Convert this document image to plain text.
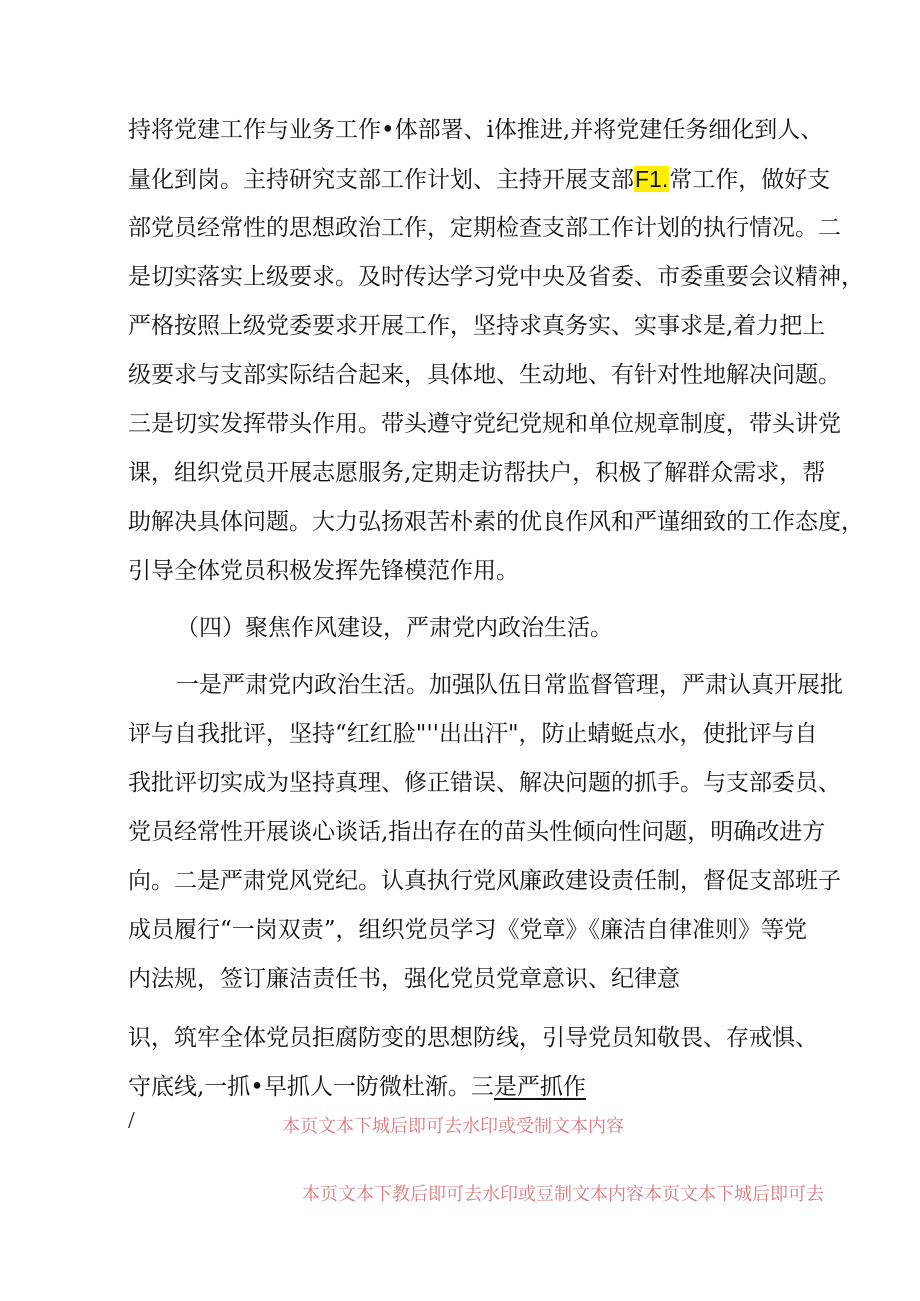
持将党建工作与业务工作•体部署、i体推进,并将党建任务细化到人、
量化到岗。主持研究支部工作计划、主持开展支部F1.常工作，做好支
部党员经常性的思想政治工作，定期检查支部工作计划的执行情况。二
是切实落实上级要求。及时传达学习党中央及省委、市委重要会议精神，
严格按照上级党委要求开展工作，坚持求真务实、实事求是,着力把上
级要求与支部实际结合起来，具体地、生动地、有针对性地解决问题。
三是切实发挥带头作用。带头遵守党纪党规和单位规章制度，带头讲党
课，组织党员开展志愿服务,定期走访帮扶户，积极了解群众需求，帮
助解决具体问题。大力弘扬艰苦朴素的优良作风和严谨细致的工作态度，
引导全体党员积极发挥先锋模范作用。
（四）聚焦作风建设，严肃党内政治生活。
一是严肃党内政治生活。加强队伍日常监督管理，严肃认真开展批
评与自我批评，坚持“红红脸"''出出汗"，防止蜻蜓点水，使批评与自
我批评切实成为坚持真理、修正错误、解决问题的抓手。与支部委员、
党员经常性开展谈心谈话,指出存在的苗头性倾向性问题，明确改进方
向。二是严肃党风党纪。认真执行党风廉政建设责任制，督促支部班子
成员履行“一岗双责”，组织党员学习《党章》《廉洁自律准则》等党
内法规，签订廉洁责任书，强化党员党章意识、纪律意
识，筑牢全体党员拒腐防变的思想防线，引导党员知敬畏、存戒惧、
守底线,一抓•早抓人一防微杜渐。三是严抓作
/	本页文本下城后即可去水印或受制文本内容
本页文本下教后即可去水印或豆制文本内容本页文本下城后即可去
